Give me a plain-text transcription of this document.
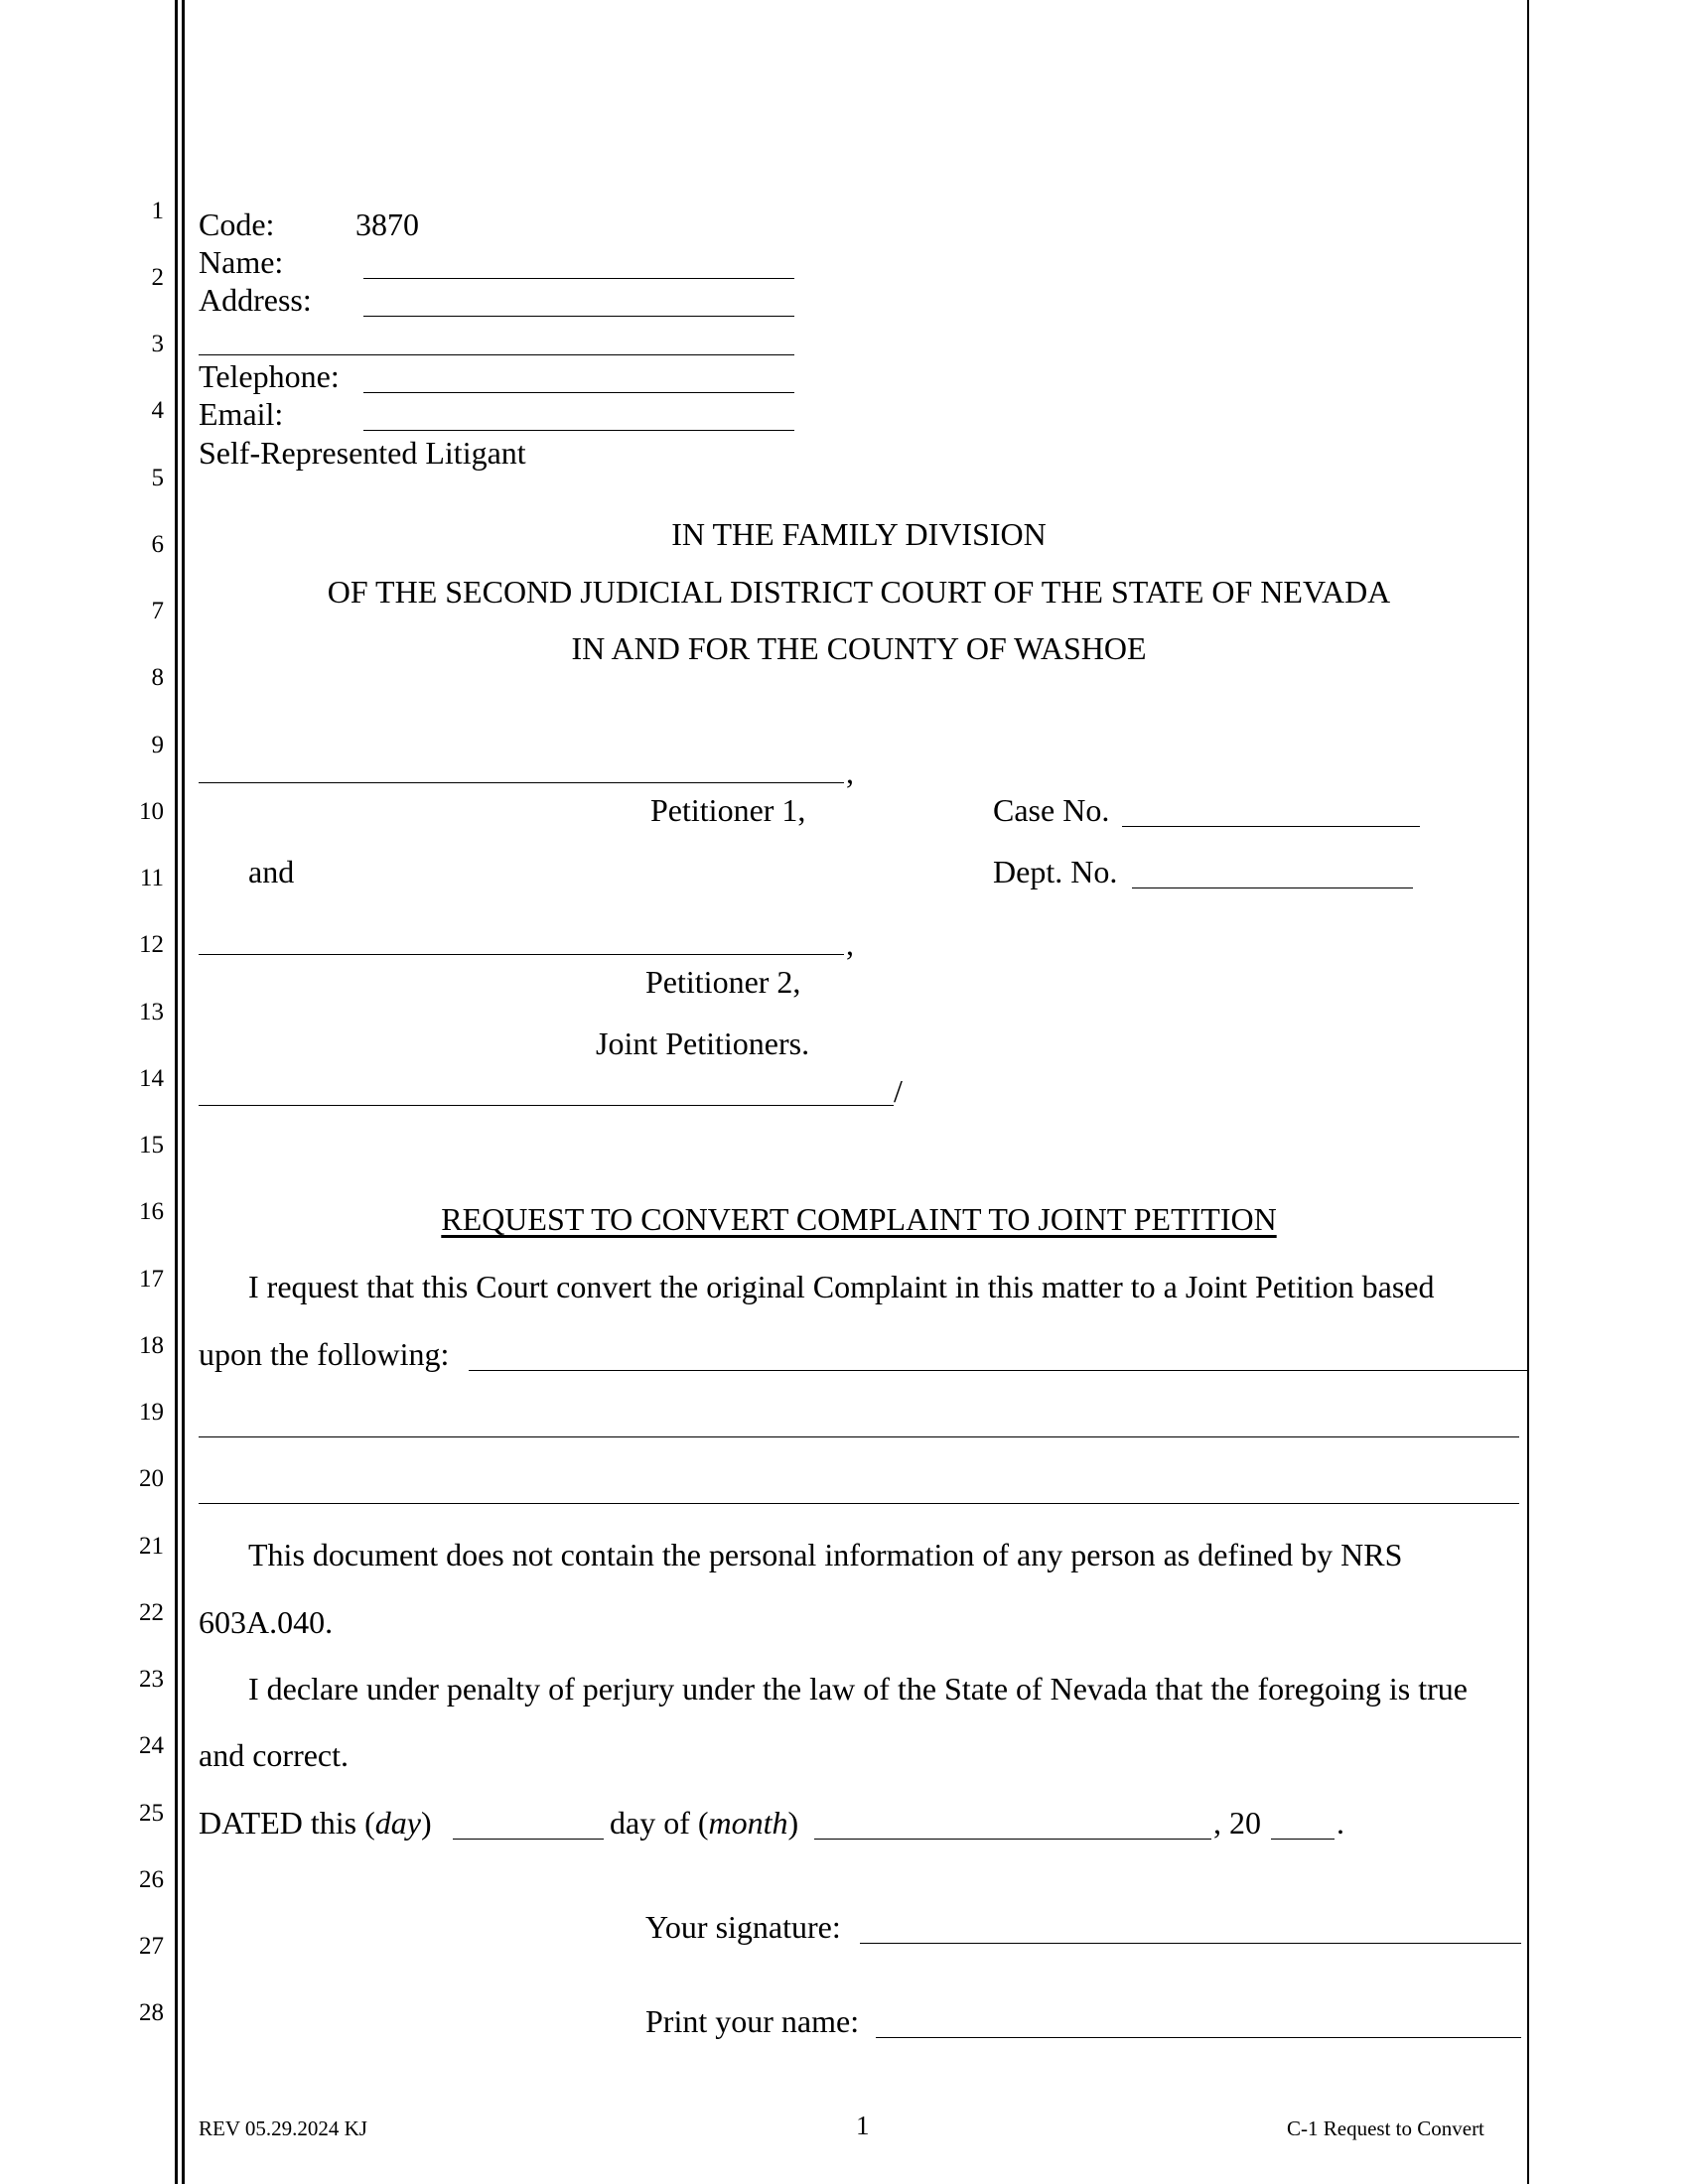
1
2
3
4
5
6
7
8
9
10
11
12
13
14
15
16
17
18
19
20
21
22
23
24
25
26
27
28
Code:	3870
Name:
Address:
Telephone:
Email:
Self-Represented Litigant
IN THE FAMILY DIVISION
OF THE SECOND JUDICIAL DISTRICT COURT OF THE STATE OF NEVADA
IN AND FOR THE COUNTY OF WASHOE
,
Petitioner 1,	Case No.
and	Dept. No.
,
Petitioner 2,
Joint Petitioners.
/
REQUEST TO CONVERT COMPLAINT TO JOINT PETITION
I request that this Court convert the original Complaint in this matter to a Joint Petition based
upon the following:
This document does not contain the personal information of any person as defined by NRS
603A.040.
I declare under penalty of perjury under the law of the State of Nevada that the foregoing is true
and correct.
DATED this (day)	day of (month)	, 20 .
Your signature:
Print your name:
REV 05.29.2024 KJ	1	C-1 Request to Convert
